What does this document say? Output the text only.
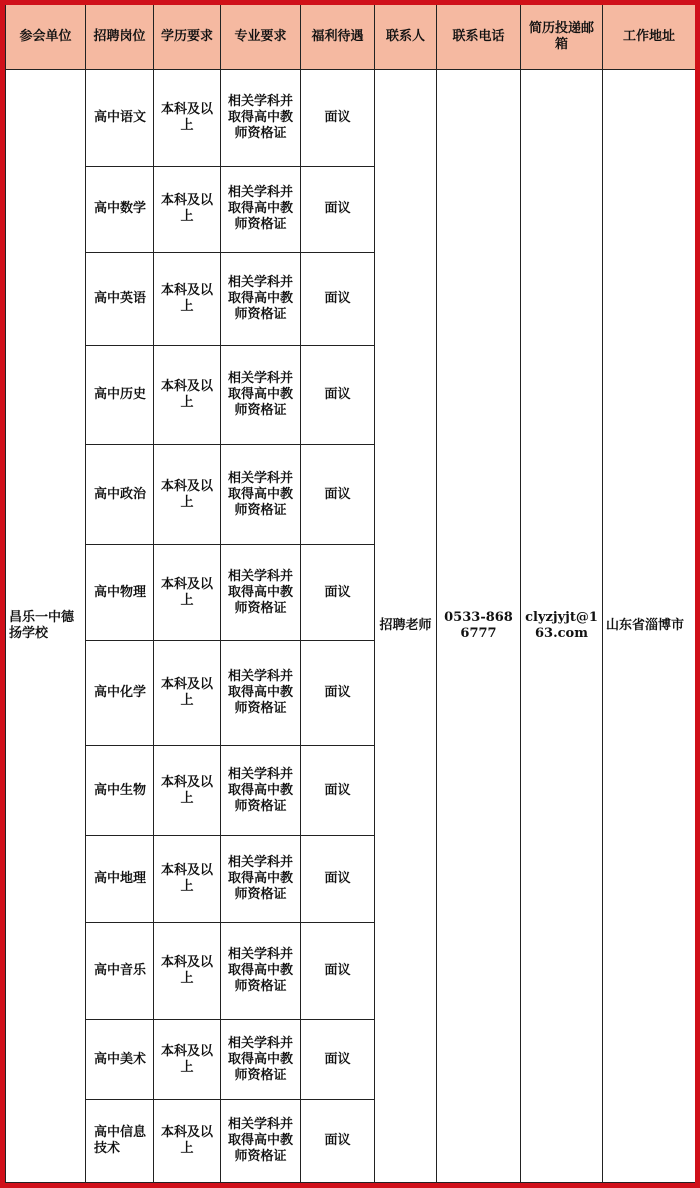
参会单位	招聘岗位	学历要求	专业要求	福利待遇	联系人	联系电话	简历投递邮箱	工作地址
昌乐一中德扬学校	高中语文	本科及以上	相关学科并取得高中教师资格证	面议	招聘老师	0533-8686777	clyzjyjt@163.com	山东省淄博市
	高中数学	本科及以上	相关学科并取得高中教师资格证	面议				
	高中英语	本科及以上	相关学科并取得高中教师资格证	面议				
	高中历史	本科及以上	相关学科并取得高中教师资格证	面议				
	高中政治	本科及以上	相关学科并取得高中教师资格证	面议				
	高中物理	本科及以上	相关学科并取得高中教师资格证	面议				
	高中化学	本科及以上	相关学科并取得高中教师资格证	面议				
	高中生物	本科及以上	相关学科并取得高中教师资格证	面议				
	高中地理	本科及以上	相关学科并取得高中教师资格证	面议				
	高中音乐	本科及以上	相关学科并取得高中教师资格证	面议				
	高中美术	本科及以上	相关学科并取得高中教师资格证	面议				
	高中信息技术	本科及以上	相关学科并取得高中教师资格证	面议				
